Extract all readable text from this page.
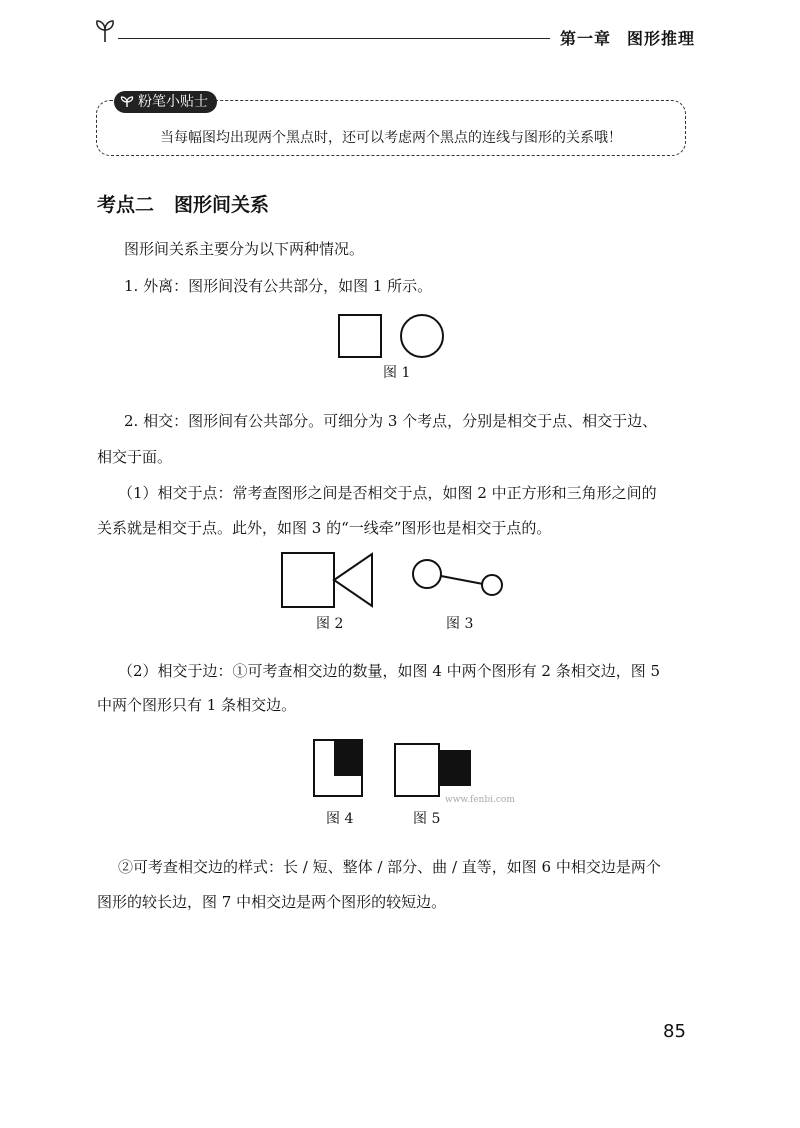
第一章 图形推理
粉笔小贴士
当每幅图均出现两个黑点时，还可以考虑两个黑点的连线与图形的关系哦！
考点二 图形间关系
图形间关系主要分为以下两种情况。
1. 外离：图形间没有公共部分，如图 1 所示。
图 1
2. 相交：图形间有公共部分。可细分为 3 个考点，分别是相交于点、相交于边、
相交于面。
（1）相交于点：常考查图形之间是否相交于点，如图 2 中正方形和三角形之间的
关系就是相交于点。此外，如图 3 的“一线牵”图形也是相交于点的。
图 2	图 3
（2）相交于边：①可考查相交边的数量，如图 4 中两个图形有 2 条相交边，图 5
中两个图形只有 1 条相交边。
图 4
www.fenbi.com
图 5
②可考查相交边的样式：长 / 短、整体 / 部分、曲 / 直等，如图 6 中相交边是两个
图形的较长边，图 7 中相交边是两个图形的较短边。
85
